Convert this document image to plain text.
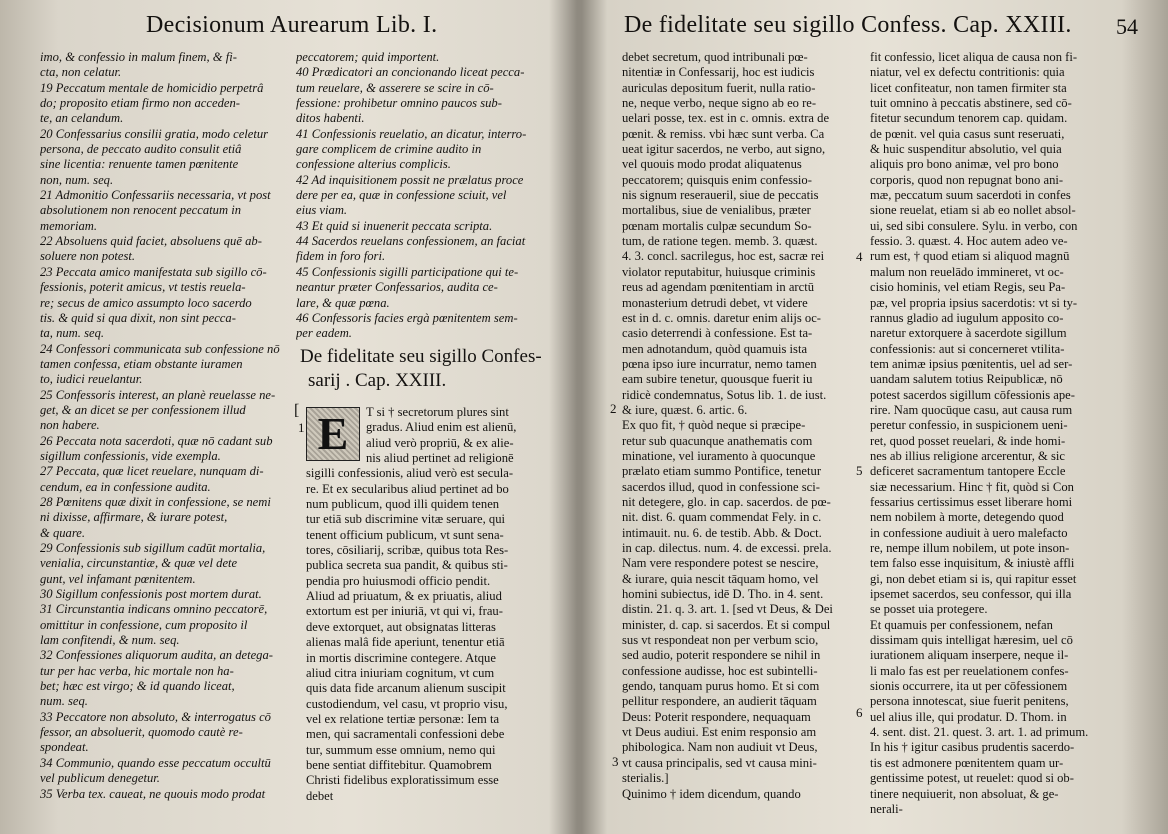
Decisionum Aurearum Lib. I.
imo, & confessio in malum finem, & fi-
cta, non celatur.
19 Peccatum mentale de homicidio perpetrâ
do; proposito etiam firmo non acceden-
te, an celandum.
20 Confessarius consilii gratia, modo celetur
persona, de peccato audito consulit etiâ
sine licentia: renuente tamen pœnitente
non, num. seq.
21 Admonitio Confessariis necessaria, vt post
absolutionem non renocent peccatum in
memoriam.
22 Absoluens quid faciet, absoluens quē ab-
soluere non potest.
23 Peccata amico manifestata sub sigillo cō-
fessionis, poterit amicus, vt testis reuela-
re; secus de amico assumpto loco sacerdo
tis. & quid si qua dixit, non sint pecca-
ta, num. seq.
24 Confessori communicata sub confessione nō
tamen confessa, etiam obstante iuramen
to, iudici reuelantur.
25 Confessoris interest, an planè reuelasse ne-
get, & an dicet se per confessionem illud
non habere.
26 Peccata nota sacerdoti, quæ nō cadant sub
sigillum confessionis, vide exempla.
27 Peccata, quæ licet reuelare, nunquam di-
cendum, ea in confessione audita.
28 Pœnitens quæ dixit in confessione, se nemi
ni dixisse, affirmare, & iurare potest,
& quare.
29 Confessionis sub sigillum cadūt mortalia,
venialia, circunstantiæ, & quæ vel dete
gunt, vel infamant pœnitentem.
30 Sigillum confessionis post mortem durat.
31 Circunstantia indicans omnino peccatorē,
omittitur in confessione, cum proposito il
lam confitendi, & num. seq.
32 Confessiones aliquorum audita, an detega-
tur per hac verba, hic mortale non ha-
bet; hæc est virgo; & id quando liceat,
num. seq.
33 Peccatore non absoluto, & interrogatus cō
fessor, an absoluerit, quomodo cautè re-
spondeat.
34 Communio, quando esse peccatum occultū
vel publicum denegetur.
35 Verba tex. caueat, ne quouis modo prodat
peccatorem; quid importent.
40 Prædicatori an concionando liceat pecca-
tum reuelare, & asserere se scire in cō-
fessione: prohibetur omnino paucos sub-
ditos habenti.
41 Confessionis reuelatio, an dicatur, interro-
gare complicem de crimine audito in
confessione alterius complicis.
42 Ad inquisitionem possit ne prælatus proce
dere per ea, quæ in confessione sciuit, vel
eius viam.
43 Et quid si inuenerit peccata scripta.
44 Sacerdos reuelans confessionem, an faciat
fidem in foro fori.
45 Confessionis sigilli participatione qui te-
neantur præter Confessarios, audita ce-
lare, & quæ pœna.
46 Confessoris facies ergà pœnitentem sem-
per eadem.
De fidelitate seu sigillo Confes-
sarij . Cap. XXIII.
[
1 E	T si † secretorum plures sint
gradus. Aliud enim est alienū,
aliud verò propriū, & ex alie-
nis aliud pertinet ad religionē
sigilli confessionis, aliud verò est secula-
re. Et ex secularibus aliud pertinet ad bo
num publicum, quod illi quidem tenen
tur etiā sub discrimine vitæ seruare, qui
tenent officium publicum, vt sunt sena-
tores, cōsiliarij, scribæ, quibus tota Res-
publica secreta sua pandit, & quibus sti-
pendia pro huiusmodi officio pendit.
Aliud ad priuatum, & ex priuatis, aliud
extortum est per iniuriā, vt qui vi, frau-
deve extorquet, aut obsignatas litteras
alienas malâ fide aperiunt, tenentur etiā
in mortis discrimine contegere. Atque
aliud citra iniuriam cognitum, vt cum
quis data fide arcanum alienum suscipit
custodiendum, vel casu, vt proprio visu,
vel ex relatione tertiæ personæ: Iem ta
men, qui sacramentali confessioni debe
tur, summum esse omnium, nemo qui
bene sentiat diffitebitur. Quamobrem
Christi fidelibus exploratissimum esse
debet
De fidelitate seu sigillo Confess. Cap. XXIII. 54
debet secretum, quod intribunali pœ-
nitentiæ in Confessarij, hoc est iudicis
auriculas depositum fuerit, nulla ratio-
ne, neque verbo, neque signo ab eo re-
uelari posse, tex. est in c. omnis. extra de
pœnit. & remiss. vbi hæc sunt verba. Ca
ueat igitur sacerdos, ne verbo, aut signo,
vel quouis modo prodat aliquatenus
peccatorem; quisquis enim confessio-
nis signum reseraueril, siue de peccatis
mortalibus, siue de venialibus, præter
pœnam mortalis culpæ secundum So-
tum, de ratione tegen. memb. 3. quæst.
4. 3. concl. sacrilegus, hoc est, sacræ rei
violator reputabitur, huiusque criminis
reus ad agendam pœnitentiam in arctū
monasterium detrudi debet, vt videre
est in d. c. omnis. daretur enim alijs oc-
casio deterrendi à confessione. Est ta-
men adnotandum, quòd quamuis ista
pœna ipso iure incurratur, nemo tamen
eam subire tenetur, quousque fuerit iu
ridicè condemnatus, Sotus lib. 1. de iust.
& iure, quæst. 6. artic. 6.
Ex quo fit, † quòd neque si præcipe-
retur sub quacunque anathematis com
minatione, vel iuramento à quocunque
prælato etiam summo Pontifice, tenetur
sacerdos illud, quod in confessione sci-
nit detegere, glo. in cap. sacerdos. de pœ-
nit. dist. 6. quam commendat Fely. in c.
intimauit. nu. 6. de testib. Abb. & Doct.
in cap. dilectus. num. 4. de excessi. prela.
Nam vere respondere potest se nescire,
& iurare, quia nescit tāquam homo, vel
homini subiectus, idē D. Tho. in 4. sent.
distin. 21. q. 3. art. 1. [sed vt Deus, & Dei
minister, d. cap. si sacerdos. Et si compul
sus vt respondeat non per verbum scio,
sed audio, poterit respondere se nihil in
confessione audisse, hoc est subintelli-
gendo, tanquam purus homo. Et si com
pellitur respondere, an audierit tāquam
Deus: Poterit respondere, nequaquam
vt Deus audiui. Est enim responsio am
phibologica. Nam non audiuit vt Deus,
vt causa principalis, sed vt causa mini-
sterialis.]
Quinimo † idem dicendum, quando
fit confessio, licet aliqua de causa non fi-
niatur, vel ex defectu contritionis: quia
licet confiteatur, non tamen firmiter sta
tuit omnino à peccatis abstinere, sed cō-
fitetur secundum tenorem cap. quidam.
de pœnit. vel quia casus sunt reseruati,
& huic suspenditur absolutio, vel quia
aliquis pro bono animæ, vel pro bono
corporis, quod non repugnat bono ani-
mæ, peccatum suum sacerdoti in confes
sione reuelat, etiam si ab eo nollet absol-
ui, sed sibi consulere. Sylu. in verbo, con
fessio. 3. quæst. 4. Hoc autem adeo ve-
rum est, † quod etiam si aliquod magnū
malum non reuelādo immineret, vt oc-
cisio hominis, vel etiam Regis, seu Pa-
pæ, vel propria ipsius sacerdotis: vt si ty-
rannus gladio ad iugulum apposito co-
naretur extorquere à sacerdote sigillum
confessionis: aut si concerneret vtilita-
tem animæ ipsius pœnitentis, uel ad ser-
uandam salutem totius Reipublicæ, nō
potest sacerdos sigillum cōfessionis ape-
rire. Nam quocūque casu, aut causa rum
peretur confessio, in suspicionem ueni-
ret, quod posset reuelari, & inde homi-
nes ab illius religione arcerentur, & sic
deficeret sacramentum tantopere Eccle
siæ necessarium. Hinc † fit, quòd si Con
fessarius certissimus esset liberare homi
nem nobilem à morte, detegendo quod
in confessione audiuit à uero malefacto
re, nempe illum nobilem, ut pote inson-
tem falso esse inquisitum, & iniustè affli
gi, non debet etiam si is, qui rapitur esset
ipsemet sacerdos, seu confessor, qui illa
se posset uia protegere.
Et quamuis per confessionem, nefan
dissimam quis intelligat hæresim, uel cō
iurationem aliquam inserpere, neque il-
li malo fas est per reuelationem confes-
sionis occurrere, ita ut per cōfessionem
persona innotescat, siue fuerit penitens,
uel alius ille, qui prodatur. D. Thom. in
4. sent. dist. 21. quest. 3. art. 1. ad primum.
In his † igitur casibus prudentis sacerdo-
tis est admonere pœnitentem quam ur-
gentissime potest, ut reuelet: quod si ob-
tinere nequiuerit, non absoluat, & ge-
nerali-
2
3
4
5
6
